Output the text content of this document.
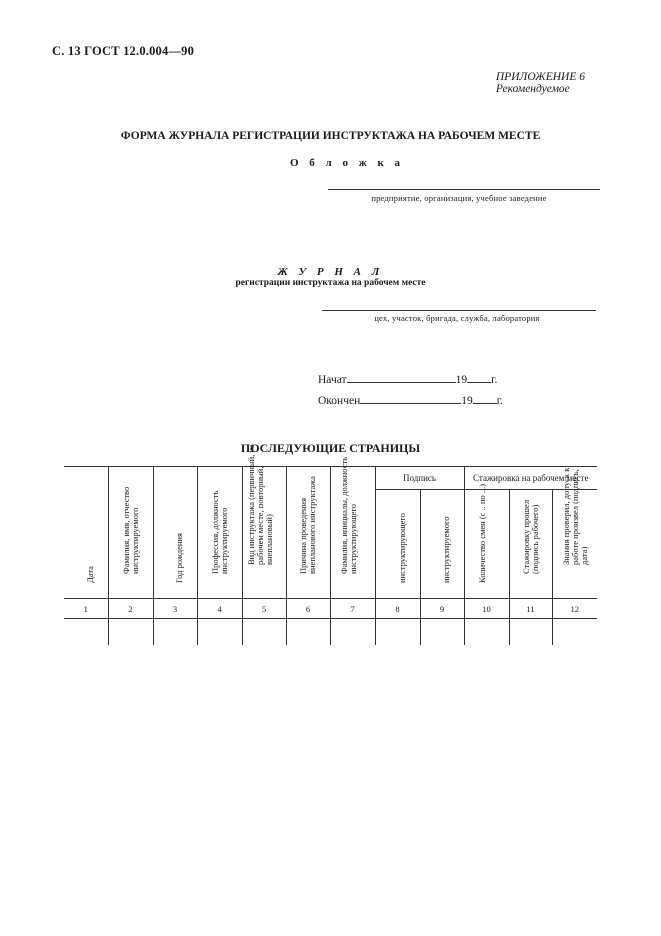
С. 13 ГОСТ 12.0.004—90
ПРИЛОЖЕНИЕ 6
Рекомендуемое
ФОРМА ЖУРНАЛА РЕГИСТРАЦИИ ИНСТРУКТАЖА НА РАБОЧЕМ МЕСТЕ
О б л о ж к а
предприятие, организация, учебное заведение
Ж У Р Н А Л
регистрации инструктажа на рабочем месте
цех, участок, бригада, служба, лаборатория
Начат	19 г.
Окончен	19 г.
ПОСЛЕДУЮЩИЕ СТРАНИЦЫ
Дата	Фамилия, имя, отчество инструктируемого	Год рождения	Профессия, должность инструктируемого	Вид инструктажа (первичный, на рабочем месте, повторный, внеплановый)	Причина проведения внепланового инструктажа	Фамилия, инициалы, должность инструктирующего	Подпись		Стажировка на рабочем месте		

							инструктирующего	инструктируемого	Количество смен (с .. по ...)	Стажировку прошел (подпись рабочего)	Знания проверил, допуск к работе произвел (подпись, дата)

1	2	3	4	5	6	7	8	9	10	11	12
